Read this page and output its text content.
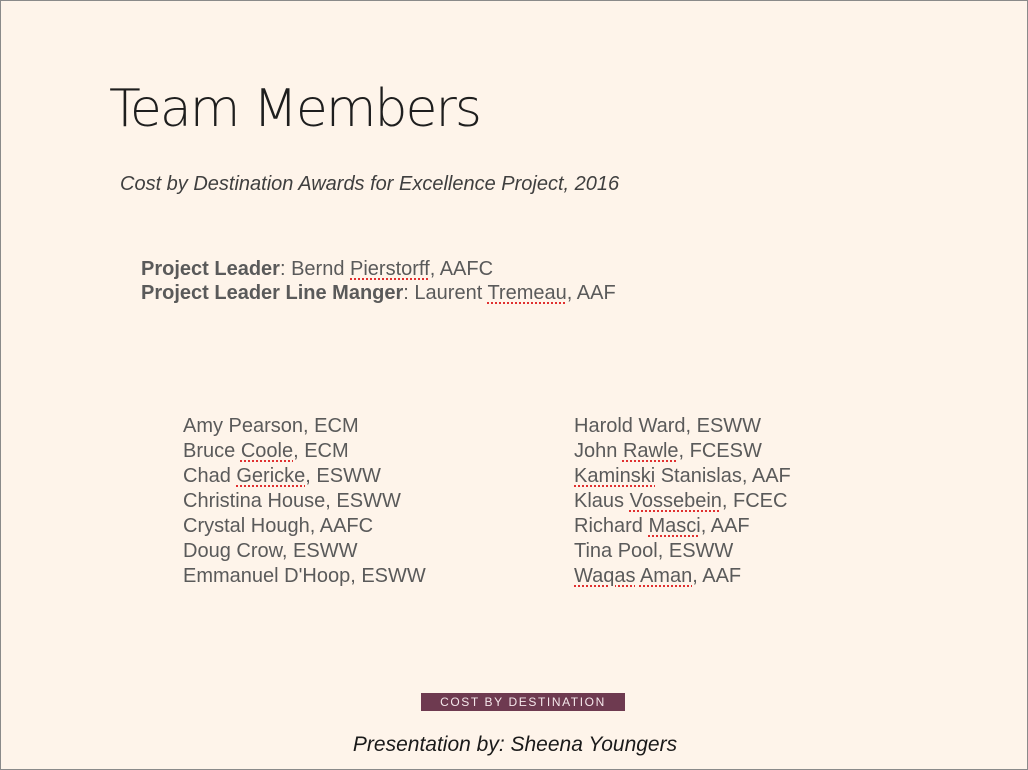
Team Members
Cost by Destination Awards for Excellence Project, 2016
Project Leader: Bernd Pierstorff, AAFC
Project Leader Line Manger: Laurent Tremeau, AAF
Amy Pearson, ECM
Bruce Coole, ECM
Chad Gericke, ESWW
Christina House, ESWW
Crystal Hough, AAFC
Doug Crow, ESWW
Emmanuel D'Hoop, ESWW
Harold Ward, ESWW
John Rawle, FCESW
Kaminski Stanislas, AAF
Klaus Vossebein, FCEC
Richard Masci, AAF
Tina Pool, ESWW
Waqas Aman, AAF
COST BY DESTINATION
Presentation by: Sheena Youngers
